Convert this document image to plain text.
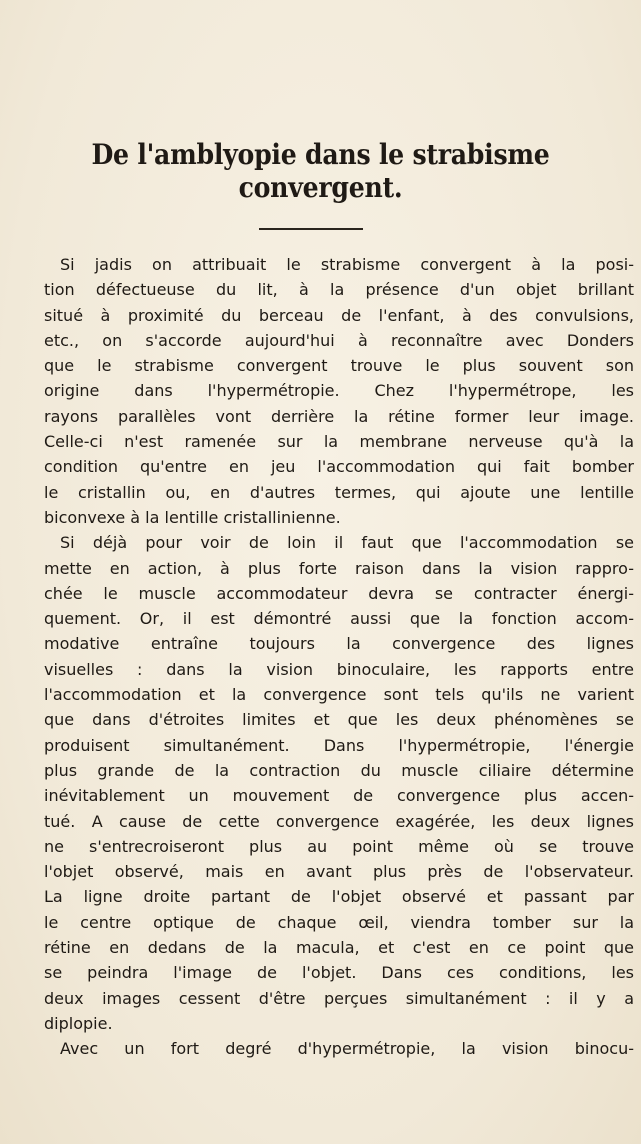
De l'amblyopie dans le strabisme convergent.
Si jadis on attribuait le strabisme convergent à la posi-
tion défectueuse du lit, à la présence d'un objet brillant
situé à proximité du berceau de l'enfant, à des convulsions,
etc., on s'accorde aujourd'hui à reconnaître avec Donders
que le strabisme convergent trouve le plus souvent son
origine dans l'hypermétropie. Chez l'hypermétrope, les
rayons parallèles vont derrière la rétine former leur image.
Celle-ci n'est ramenée sur la membrane nerveuse qu'à la
condition qu'entre en jeu l'accommodation qui fait bomber
le cristallin ou, en d'autres termes, qui ajoute une lentille
biconvexe à la lentille cristallinienne.
Si déjà pour voir de loin il faut que l'accommodation se
mette en action, à plus forte raison dans la vision rappro-
chée le muscle accommodateur devra se contracter énergi-
quement. Or, il est démontré aussi que la fonction accom-
modative entraîne toujours la convergence des lignes
visuelles : dans la vision binoculaire, les rapports entre
l'accommodation et la convergence sont tels qu'ils ne varient
que dans d'étroites limites et que les deux phénomènes se
produisent simultanément. Dans l'hypermétropie, l'énergie
plus grande de la contraction du muscle ciliaire détermine
inévitablement un mouvement de convergence plus accen-
tué. A cause de cette convergence exagérée, les deux lignes
ne s'entrecroiseront plus au point même où se trouve
l'objet observé, mais en avant plus près de l'observateur.
La ligne droite partant de l'objet observé et passant par
le centre optique de chaque œil, viendra tomber sur la
rétine en dedans de la macula, et c'est en ce point que
se peindra l'image de l'objet. Dans ces conditions, les
deux images cessent d'être perçues simultanément : il y a
diplopie.
Avec un fort degré d'hypermétropie, la vision binocu-
